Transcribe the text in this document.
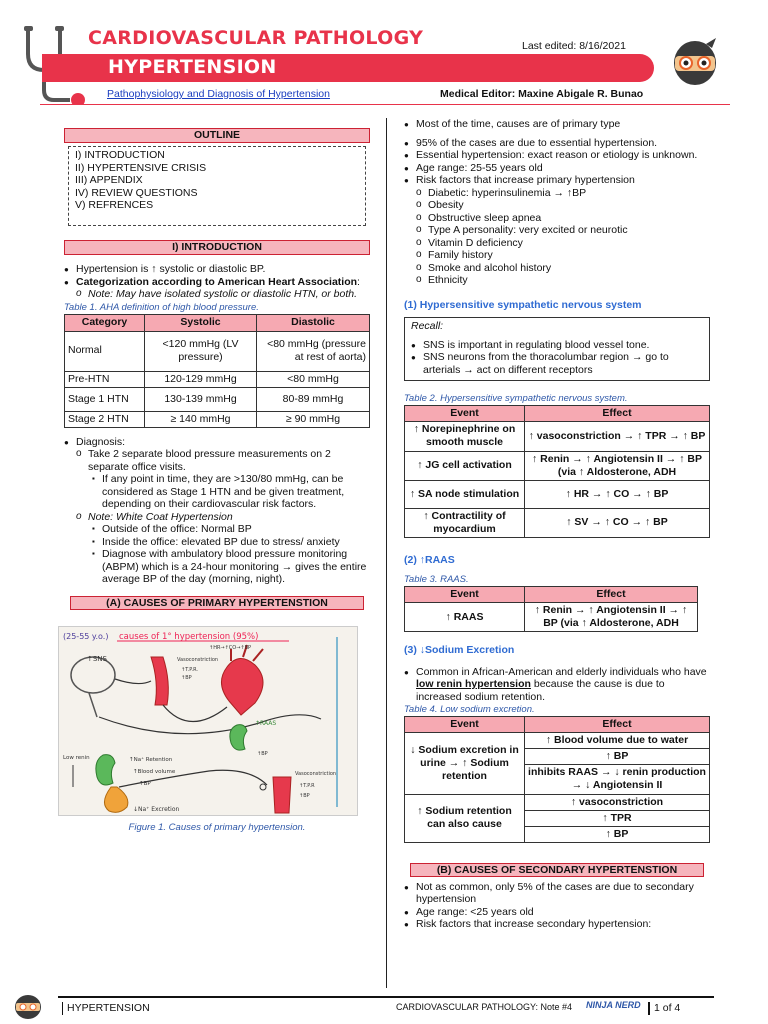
CARDIOVASCULAR PATHOLOGY
HYPERTENSION
Last edited: 8/16/2021
Pathophysiology and Diagnosis of Hypertension	Medical Editor: Maxine Abigale R. Bunao
OUTLINE
I) INTRODUCTION
II) HYPERTENSIVE CRISIS
III) APPENDIX
IV) REVIEW QUESTIONS
V) REFRENCES
I) INTRODUCTION
● Hypertension is ↑ systolic or diastolic BP.
● Categorization according to American Heart Association:
o Note: May have isolated systolic or diastolic HTN, or both.
Table 1. AHA definition of high blood pressure.
Category	Systolic	Diastolic
Normal	<120 mmHg (LV pressure)	<80 mmHg (pressure at rest of aorta)
Pre-HTN	120-129 mmHg	<80 mmHg
Stage 1 HTN	130-139 mmHg	80-89 mmHg
Stage 2 HTN	≥ 140 mmHg	≥ 90 mmHg
● Diagnosis:
o Take 2 separate blood pressure measurements on 2 separate office visits.
▪ If any point in time, they are >130/80 mmHg, can be considered as Stage 1 HTN and be given treatment, depending on their cardiovascular risk factors.
o Note: White Coat Hypertension
▪ Outside of the office: Normal BP
▪ Inside the office: elevated BP due to stress/ anxiety
▪ Diagnose with ambulatory blood pressure monitoring (ABPM) which is a 24-hour monitoring → gives the entire average BP of the day (morning, night).
(A) CAUSES OF PRIMARY HYPERTENSTION
(25-55 y.o.) causes of 1° hypertension (95%)
↑SNS	Vasoconstriction
↑T.P.R.
↑BP
↑HR→↑CO→↑BP
↑RAAS
↑BP
Low renin	↑Na⁺ Retention
↑Blood volume
↑BP
↓Na⁺ Excretion
Vasoconstriction
↑T.P.R
↑BP
Figure 1. Causes of primary hypertension.
● Most of the time, causes are of primary type
● 95% of the cases are due to essential hypertension.
● Essential hypertension: exact reason or etiology is unknown.
● Age range: 25-55 years old
● Risk factors that increase primary hypertension
o Diabetic: hyperinsulinemia → ↑BP
o Obesity
o Obstructive sleep apnea
o Type A personality: very excited or neurotic
o Vitamin D deficiency
o Family history
o Smoke and alcohol history
o Ethnicity
(1) Hypersensitive sympathetic nervous system
Recall:
● SNS is important in regulating blood vessel tone.
● SNS neurons from the thoracolumbar region → go to arterials → act on different receptors
Table 2. Hypersensitive sympathetic nervous system.
Event	Effect
↑ Norepinephrine on smooth muscle	↑ vasoconstriction → ↑ TPR → ↑ BP
↑ JG cell activation	↑ Renin → ↑ Angiotensin II → ↑ BP (via ↑ Aldosterone, ADH
↑ SA node stimulation	↑ HR → ↑ CO → ↑ BP
↑ Contractility of myocardium	↑ SV → ↑ CO → ↑ BP
(2) ↑RAAS
Table 3. RAAS.
Event	Effect
↑ RAAS	↑ Renin → ↑ Angiotensin II → ↑ BP (via ↑ Aldosterone, ADH
(3) ↓Sodium Excretion
● Common in African-American and elderly individuals who have low renin hypertension because the cause is due to increased sodium retention.
Table 4. Low sodium excretion.
Event	Effect
↓ Sodium excretion in urine → ↑ Sodium retention	↑ Blood volume due to water
	↑ BP
	inhibits RAAS → ↓ renin production → ↓ Angiotensin II
↑ Sodium retention can also cause	↑ vasoconstriction
	↑ TPR
	↑ BP
(B) CAUSES OF SECONDARY HYPERTENSTION
● Not as common, only 5% of the cases are due to secondary hypertension
● Age range: <25 years old
● Risk factors that increase secondary hypertension:
HYPERTENSION	CARDIOVASCULAR PATHOLOGY: Note #4 NINJA NERD	1 of 4
